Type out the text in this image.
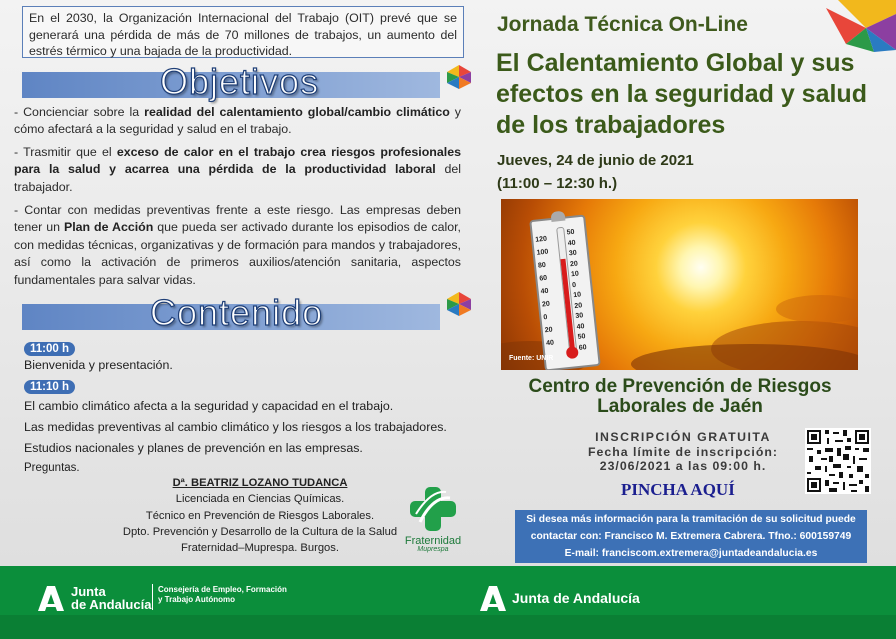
En el 2030, la Organización Internacional del Trabajo (OIT) prevé que se generará una pérdida de más de 70 millones de trabajos, un aumento del estrés térmico y una bajada de la productividad.
Objetivos
- Concienciar sobre la realidad del calentamiento global/cambio climático y cómo afectará a la seguridad y salud en el trabajo.
- Trasmitir que el exceso de calor en el trabajo crea riesgos profesionales para la salud y acarrea una pérdida de la productividad laboral del trabajador.
- Contar con medidas preventivas frente a este riesgo. Las empresas deben tener un Plan de Acción que pueda ser activado durante los episodios de calor, con medidas técnicas, organizativas y de formación para mandos y trabajadores, así como la activación de primeros auxilios/atención sanitaria, aspectos fundamentales para salvar vidas.
Contenido
11:00 h
Bienvenida y presentación.
11:10 h
El cambio climático afecta a la seguridad y capacidad en el trabajo.
Las medidas preventivas al cambio climático y los riesgos a los trabajadores.
Estudios nacionales y planes de prevención en las empresas.
Preguntas.
Dª. BEATRIZ LOZANO TUDANCA
Licenciada en Ciencias Químicas.
Técnico en Prevención de Riesgos Laborales.
Dpto. Prevención y Desarrollo de la Cultura de la Salud
Fraternidad–Muprespa. Burgos.
Fraternidad
Muprespa
Jornada Técnica On-Line
El Calentamiento Global y sus efectos en la seguridad y salud de los trabajadores
Jueves, 24 de junio de 2021
(11:00 – 12:30 h.)
120
100
80
60
40
20
0
20
40
50
40
30
20
10
0
10
20
30
40
50
60
Fuente: UNIR
Centro de Prevención de Riesgos Laborales de Jaén
INSCRIPCIÓN GRATUITA
Fecha límite de inscripción:
23/06/2021 a las 09:00 h.
PINCHA AQUÍ
Si desea más información para la tramitación de su solicitud puede
contactar con: Francisco M. Extremera Cabrera. Tfno.: 600159749
E-mail: franciscom.extremera@juntadeandalucia.es
Junta
de Andalucía
Consejería de Empleo, Formación
y Trabajo Autónomo	Junta de Andalucía
